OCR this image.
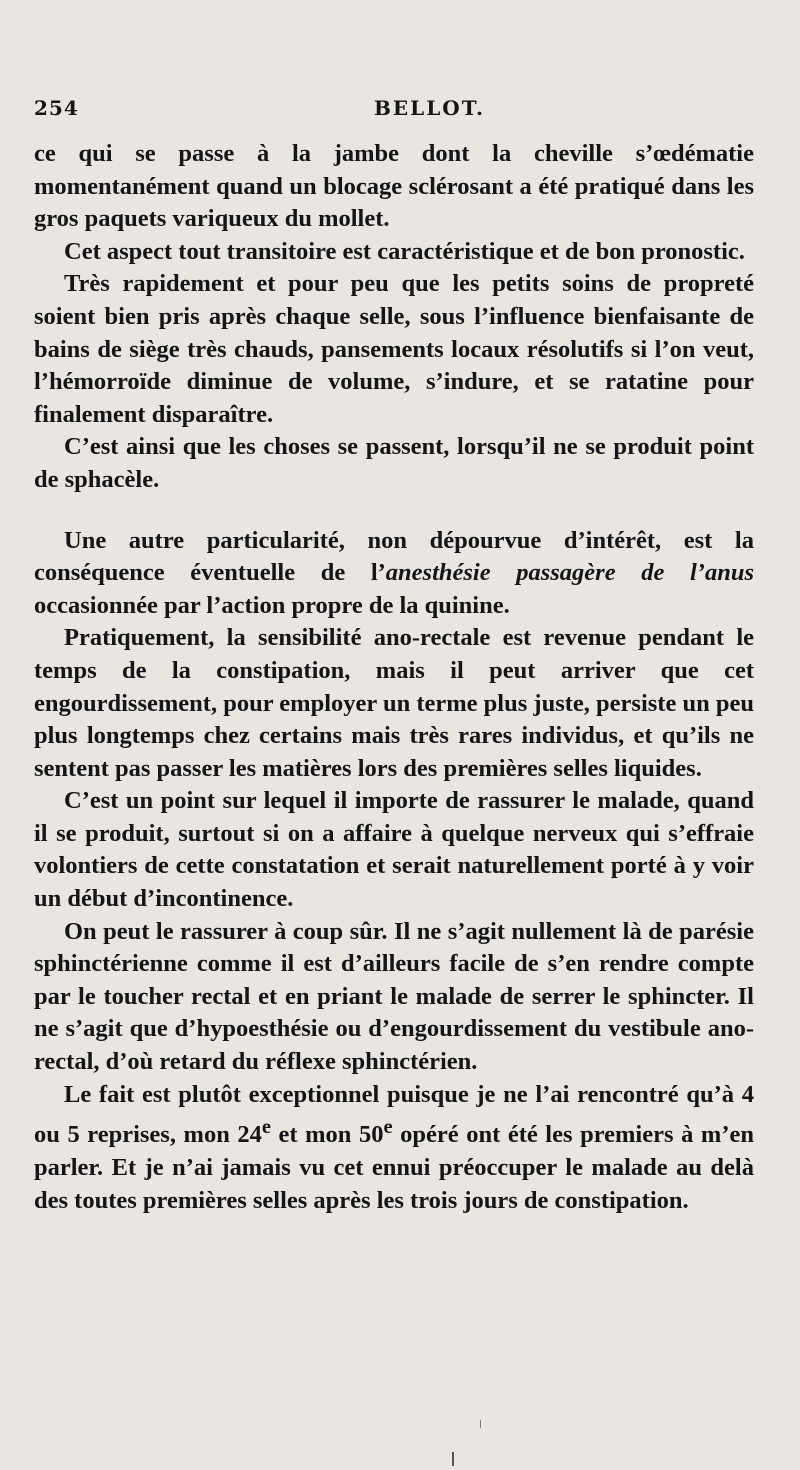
254	BELLOT.

ce qui se passe à la jambe dont la cheville s’œdématie momentanément quand un blocage sclérosant a été pratiqué dans les gros paquets variqueux du mollet.

Cet aspect tout transitoire est caractéristique et de bon pronostic.

Très rapidement et pour peu que les petits soins de propreté soient bien pris après chaque selle, sous l’influence bienfaisante de bains de siège très chauds, pansements locaux résolutifs si l’on veut, l’hémorroïde diminue de volume, s’indure, et se ratatine pour finalement disparaître.

C’est ainsi que les choses se passent, lorsqu’il ne se produit point de sphacèle.

Une autre particularité, non dépourvue d’intérêt, est la conséquence éventuelle de l’anesthésie passagère de l’anus occasionnée par l’action propre de la quinine.

Pratiquement, la sensibilité ano-rectale est revenue pendant le temps de la constipation, mais il peut arriver que cet engourdissement, pour employer un terme plus juste, persiste un peu plus longtemps chez certains mais très rares individus, et qu’ils ne sentent pas passer les matières lors des premières selles liquides.

C’est un point sur lequel il importe de rassurer le malade, quand il se produit, surtout si on a affaire à quelque nerveux qui s’effraie volontiers de cette constatation et serait naturellement porté à y voir un début d’incontinence.

On peut le rassurer à coup sûr. Il ne s’agit nullement là de parésie sphinctérienne comme il est d’ailleurs facile de s’en rendre compte par le toucher rectal et en priant le malade de serrer le sphincter. Il ne s’agit que d’hypoesthésie ou d’engourdissement du vestibule ano-rectal, d’où retard du réflexe sphinctérien.

Le fait est plutôt exceptionnel puisque je ne l’ai rencontré qu’à 4 ou 5 reprises, mon 24e et mon 50e opéré ont été les premiers à m’en parler. Et je n’ai jamais vu cet ennui préoccuper le malade au delà des toutes premières selles après les trois jours de constipation.
